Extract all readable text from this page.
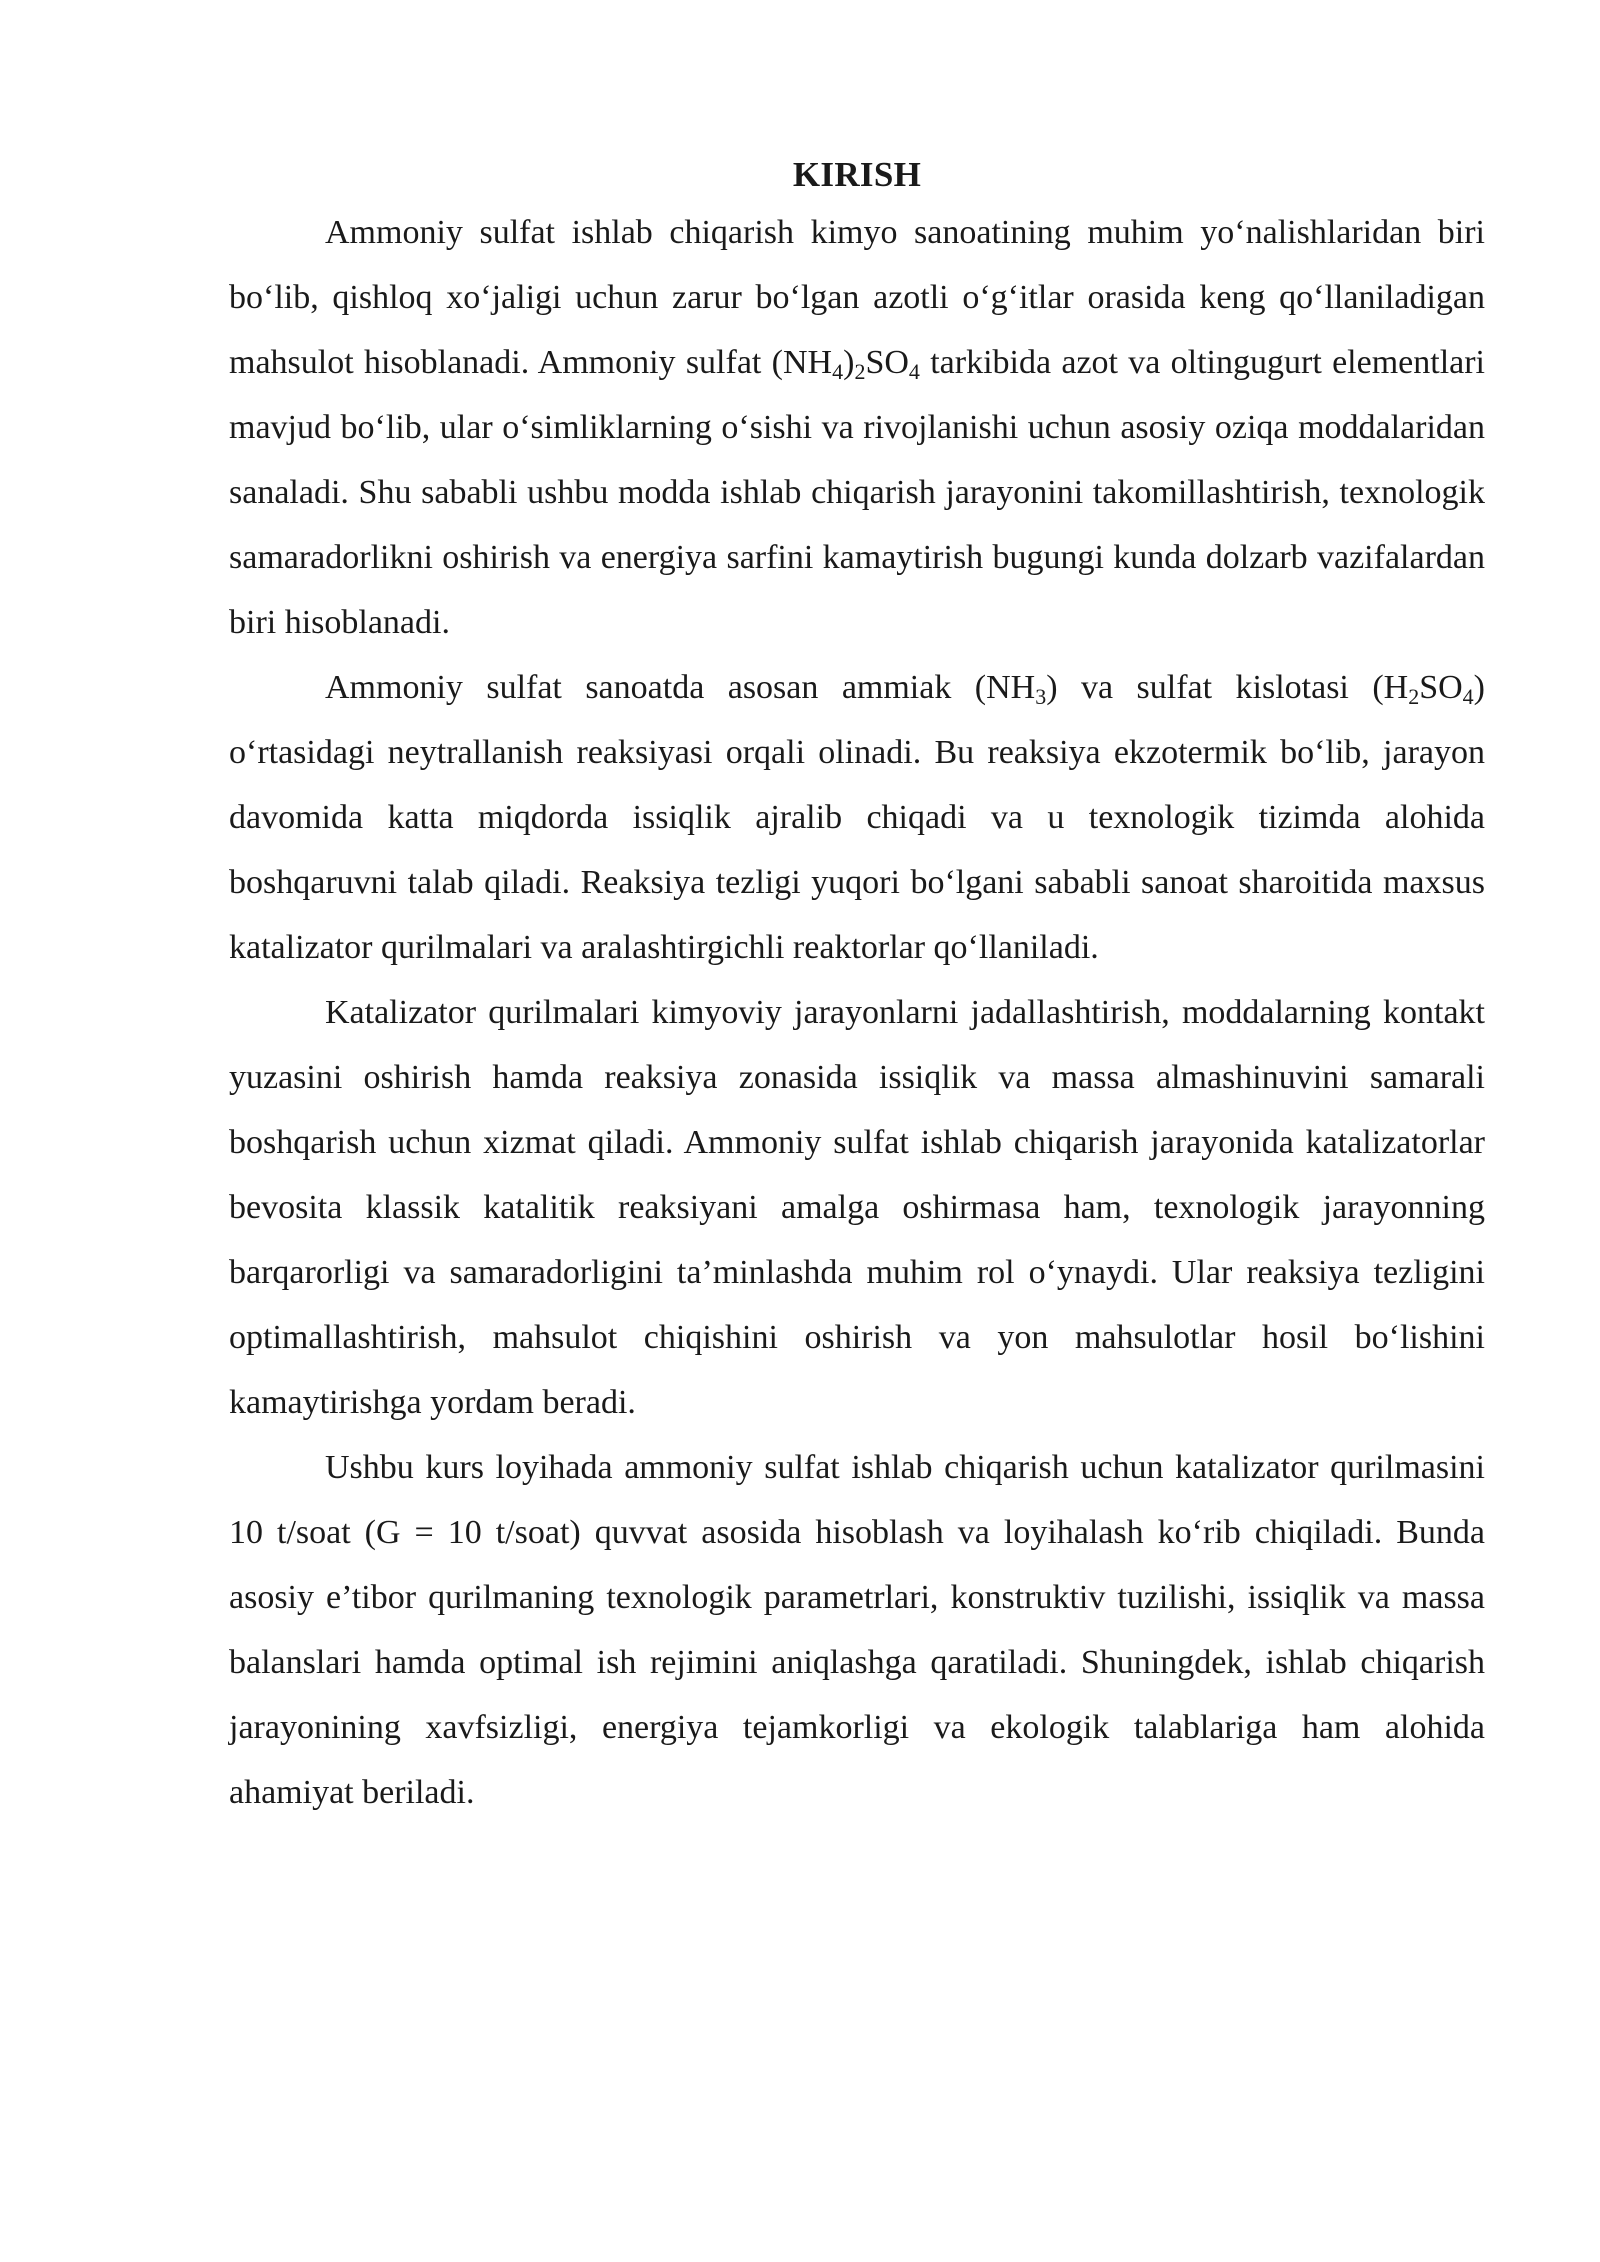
KIRISH

Ammoniy sulfat ishlab chiqarish kimyo sanoatining muhim yo‘nalishlaridan biri bo‘lib, qishloq xo‘jaligi uchun zarur bo‘lgan azotli o‘g‘itlar orasida keng qo‘llaniladigan mahsulot hisoblanadi. Ammoniy sulfat $(NH_4)_2SO_4$ tarkibida azot va oltingugurt elementlari mavjud bo‘lib, ular o‘simliklarning o‘sishi va rivojlanishi uchun asosiy oziqa moddalaridan sanaladi. Shu sababli ushbu modda ishlab chiqarish jarayonini takomillashtirish, texnologik samaradorlikni oshirish va energiya sarfini kamaytirish bugungi kunda dolzarb vazifalardan biri hisoblanadi.

Ammoniy sulfat sanoatda asosan ammiak $(NH_3)$ va sulfat kislotasi $(H_2SO_4)$ o‘rtasidagi neytrallanish reaksiyasi orqali olinadi. Bu reaksiya ekzotermik bo‘lib, jarayon davomida katta miqdorda issiqlik ajralib chiqadi va u texnologik tizimda alohida boshqaruvni talab qiladi. Reaksiya tezligi yuqori bo‘lgani sababli sanoat sharoitida maxsus katalizator qurilmalari va aralashtirgichli reaktorlar qo‘llaniladi.

Katalizator qurilmalari kimyoviy jarayonlarni jadallashtirish, moddalarning kontakt yuzasini oshirish hamda reaksiya zonasida issiqlik va massa almashinuvini samarali boshqarish uchun xizmat qiladi. Ammoniy sulfat ishlab chiqarish jarayonida katalizatorlar bevosita klassik katalitik reaksiyani amalga oshirmasa ham, texnologik jarayonning barqarorligi va samaradorligini ta’minlashda muhim rol o‘ynaydi. Ular reaksiya tezligini optimallashtirish, mahsulot chiqishini oshirish va yon mahsulotlar hosil bo‘lishini kamaytirishga yordam beradi.

Ushbu kurs loyihada ammoniy sulfat ishlab chiqarish uchun katalizator qurilmasini 10 t/soat (G = 10 t/soat) quvvat asosida hisoblash va loyihalash ko‘rib chiqiladi. Bunda asosiy e’tibor qurilmaning texnologik parametrlari, konstruktiv tuzilishi, issiqlik va massa balanslari hamda optimal ish rejimini aniqlashga qaratiladi. Shuningdek, ishlab chiqarish jarayonining xavfsizligi, energiya tejamkorligi va ekologik talablariga ham alohida ahamiyat beriladi.
